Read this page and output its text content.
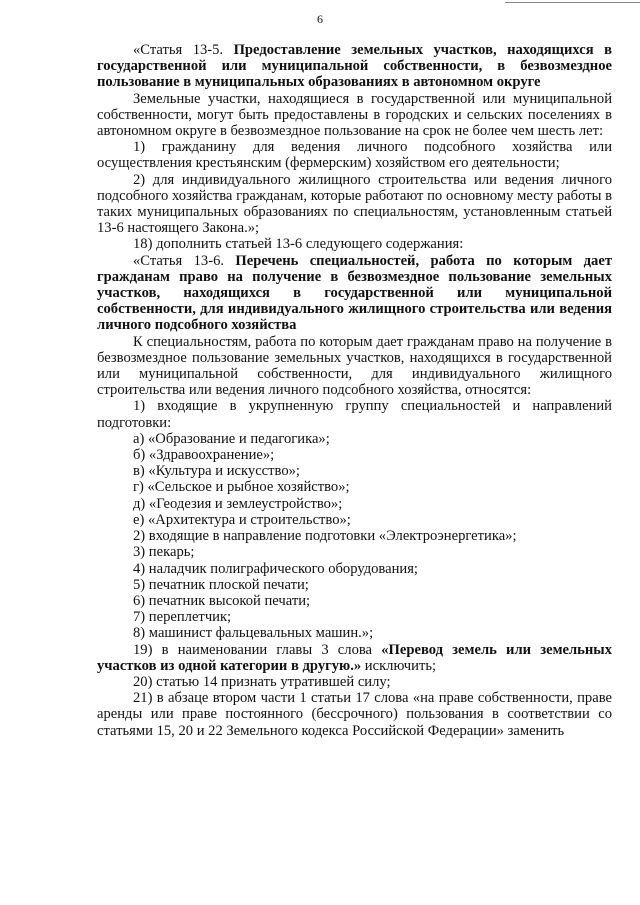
6

«Статья 13-5. Предоставление земельных участков, находящихся в государственной или муниципальной собственности, в безвозмездное пользование в муниципальных образованиях в автономном округе

Земельные участки, находящиеся в государственной или муниципальной собственности, могут быть предоставлены в городских и сельских поселениях в автономном округе в безвозмездное пользование на срок не более чем шесть лет:

1) гражданину для ведения личного подсобного хозяйства или осуществления крестьянским (фермерским) хозяйством его деятельности;

2) для индивидуального жилищного строительства или ведения личного подсобного хозяйства гражданам, которые работают по основному месту работы в таких муниципальных образованиях по специальностям, установленным статьей 13-6 настоящего Закона.»;

18) дополнить статьей 13-6 следующего содержания:

«Статья 13-6. Перечень специальностей, работа по которым дает гражданам право на получение в безвозмездное пользование земельных участков, находящихся в государственной или муниципальной собственности, для индивидуального жилищного строительства или ведения личного подсобного хозяйства

К специальностям, работа по которым дает гражданам право на получение в безвозмездное пользование земельных участков, находящихся в государственной или муниципальной собственности, для индивидуального жилищного строительства или ведения личного подсобного хозяйства, относятся:

1) входящие в укрупненную группу специальностей и направлений подготовки:

а) «Образование и педагогика»;

б) «Здравоохранение»;

в) «Культура и искусство»;

г) «Сельское и рыбное хозяйство»;

д) «Геодезия и землеустройство»;

е) «Архитектура и строительство»;

2) входящие в направление подготовки «Электроэнергетика»;

3) пекарь;

4) наладчик полиграфического оборудования;

5) печатник плоской печати;

6) печатник высокой печати;

7) переплетчик;

8) машинист фальцевальных машин.»;

19) в наименовании главы 3 слова «Перевод земель или земельных участков из одной категории в другую.» исключить;

20) статью 14 признать утратившей силу;

21) в абзаце втором части 1 статьи 17 слова «на праве собственности, праве аренды или праве постоянного (бессрочного) пользования в соответствии со статьями 15, 20 и 22 Земельного кодекса Российской Федерации» заменить
